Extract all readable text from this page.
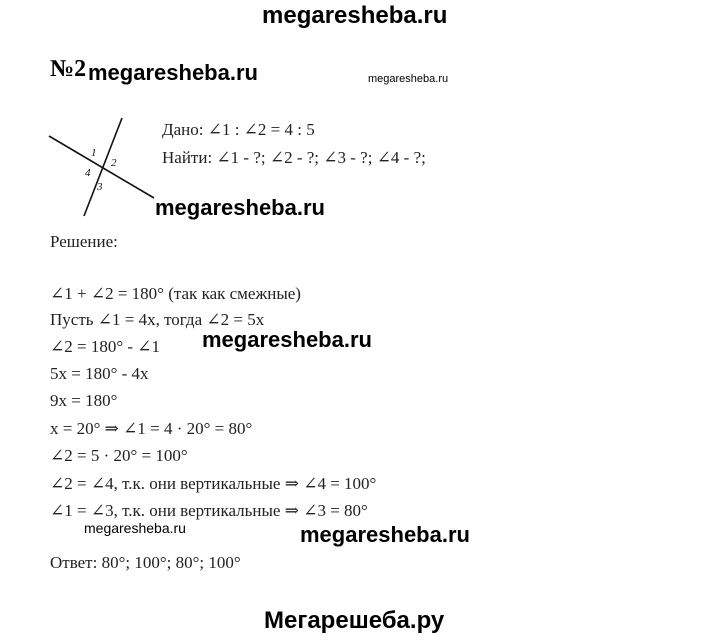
megaresheba.ru
№2 megaresheba.ru	megaresheba.ru
1
2
4
3
Дано: ∠1 : ∠2 = 4 : 5
Найти: ∠1 - ?; ∠2 - ?; ∠3 - ?; ∠4 - ?;
megaresheba.ru
Решение:
∠1 + ∠2 = 180° (так как смежные)
Пусть ∠1 = 4x, тогда ∠2 = 5x
∠2 = 180° - ∠1 megaresheba.ru
5x = 180° - 4x
9x = 180°
x = 20° ⇒ ∠1 = 4 · 20° = 80°
∠2 = 5 · 20° = 100°
∠2 = ∠4, т.к. они вертикальные ⇒ ∠4 = 100°
∠1 = ∠3, т.к. они вертикальные ⇒ ∠3 = 80°
megaresheba.ru	megaresheba.ru
Ответ: 80°; 100°; 80°; 100°
Мегарешеба.ру
